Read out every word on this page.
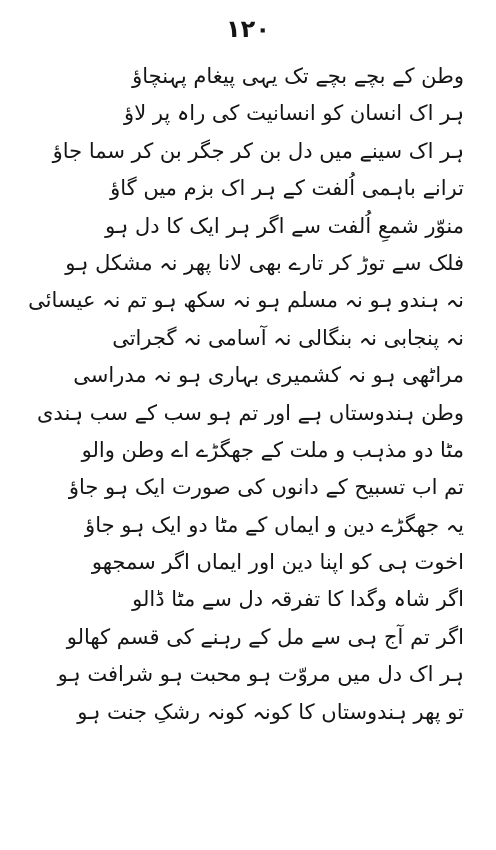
۱۲۰
وطن کے بچے بچے تک یہی پیغام پہنچاؤ
ہر اک انسان کو انسانیت کی راہ پر لاؤ
ہر اک سینے میں دل بن کر جگر بن کر سما جاؤ
ترانے باہمی اُلفت کے ہر اک بزم میں گاؤ
منوّر شمعِ اُلفت سے اگر ہر ایک کا دل ہو
فلک سے توڑ کر تارے بھی لانا پھر نہ مشکل ہو
نہ ہندو ہو نہ مسلم ہو نہ سکھ ہو تم نہ عیسائی
نہ پنجابی نہ بنگالی نہ آسامی نہ گجراتی
مراٹھی ہو نہ کشمیری بہاری ہو نہ مدراسی
وطن ہندوستاں ہے اور تم ہو سب کے سب ہندی
مٹا دو مذہب و ملت کے جھگڑے اے وطن والو
تم اب تسبیح کے دانوں کی صورت ایک ہو جاؤ
یہ جھگڑے دین و ایماں کے مٹا دو ایک ہو جاؤ
اخوت ہی کو اپنا دین اور ایماں اگر سمجھو
اگر شاہ وگدا کا تفرقہ دل سے مٹا ڈالو
اگر تم آج ہی سے مل کے رہنے کی قسم کھالو
ہر اک دل میں مروّت ہو محبت ہو شرافت ہو
تو پھر ہندوستاں کا کونہ کونہ رشکِ جنت ہو
